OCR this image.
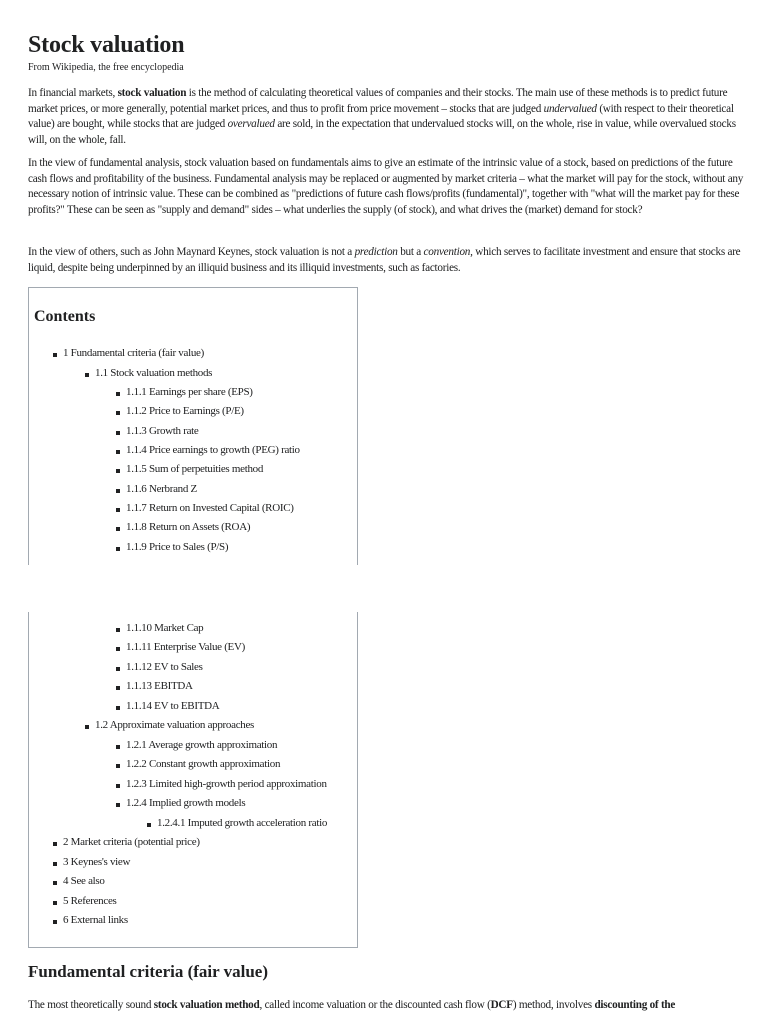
Stock valuation
From Wikipedia, the free encyclopedia

In financial markets, stock valuation is the method of calculating theoretical values of companies and their stocks. The main use of these methods is to predict future market prices, or more generally, potential market prices, and thus to profit from price movement – stocks that are judged undervalued (with respect to their theoretical value) are bought, while stocks that are judged overvalued are sold, in the expectation that undervalued stocks will, on the whole, rise in value, while overvalued stocks will, on the whole, fall.

In the view of fundamental analysis, stock valuation based on fundamentals aims to give an estimate of the intrinsic value of a stock, based on predictions of the future cash flows and profitability of the business. Fundamental analysis may be replaced or augmented by market criteria – what the market will pay for the stock, without any necessary notion of intrinsic value. These can be combined as "predictions of future cash flows/profits (fundamental)", together with "what will the market pay for these profits?" These can be seen as "supply and demand" sides – what underlies the supply (of stock), and what drives the (market) demand for stock?

In the view of others, such as John Maynard Keynes, stock valuation is not a prediction but a convention, which serves to facilitate investment and ensure that stocks are liquid, despite being underpinned by an illiquid business and its illiquid investments, such as factories.

Contents
1 Fundamental criteria (fair value)
1.1 Stock valuation methods
1.1.1 Earnings per share (EPS)
1.1.2 Price to Earnings (P/E)
1.1.3 Growth rate
1.1.4 Price earnings to growth (PEG) ratio
1.1.5 Sum of perpetuities method
1.1.6 Nerbrand Z
1.1.7 Return on Invested Capital (ROIC)
1.1.8 Return on Assets (ROA)
1.1.9 Price to Sales (P/S)
1.1.10 Market Cap
1.1.11 Enterprise Value (EV)
1.1.12 EV to Sales
1.1.13 EBITDA
1.1.14 EV to EBITDA
1.2 Approximate valuation approaches
1.2.1 Average growth approximation
1.2.2 Constant growth approximation
1.2.3 Limited high-growth period approximation
1.2.4 Implied growth models
1.2.4.1 Imputed growth acceleration ratio
2 Market criteria (potential price)
3 Keynes's view
4 See also
5 References
6 External links
Fundamental criteria (fair value)

The most theoretically sound stock valuation method, called income valuation or the discounted cash flow (DCF) method, involves discounting of the
